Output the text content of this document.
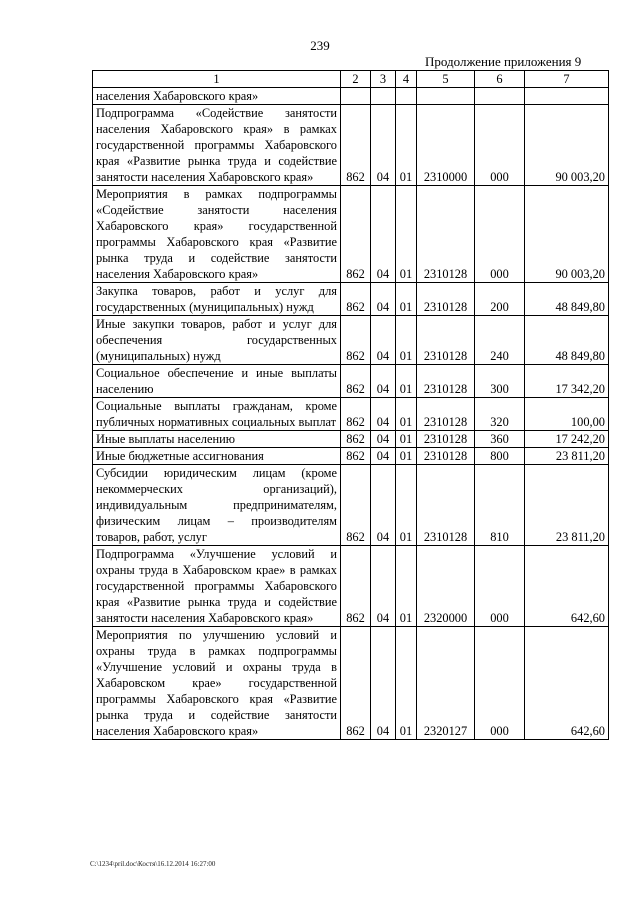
239
Продолжение приложения 9
1	2	3	4	5	6	7
населения Хабаровского края»						
Подпрограмма «Содействие занятости населения Хабаровского края» в рамках государственной программы Хабаровского края «Развитие рынка труда и содействие занятости населения Хабаровского края»	862	04	01	2310000	000	90 003,20
Мероприятия в рамках подпрограммы «Содействие занятости населения Хабаровского края» государственной программы Хабаровского края «Развитие рынка труда и содействие занятости населения Хабаровского края»	862	04	01	2310128	000	90 003,20
Закупка товаров, работ и услуг для государственных (муниципальных) нужд	862	04	01	2310128	200	48 849,80
Иные закупки товаров, работ и услуг для обеспечения государственных (муниципальных) нужд	862	04	01	2310128	240	48 849,80
Социальное обеспечение и иные выплаты населению	862	04	01	2310128	300	17 342,20
Социальные выплаты гражданам, кроме публичных нормативных социальных выплат	862	04	01	2310128	320	100,00
Иные выплаты населению	862	04	01	2310128	360	17 242,20
Иные бюджетные ассигнования	862	04	01	2310128	800	23 811,20
Субсидии юридическим лицам (кроме некоммерческих организаций), индивидуальным предпринимателям, физическим лицам – производителям товаров, работ, услуг	862	04	01	2310128	810	23 811,20
Подпрограмма «Улучшение условий и охраны труда в Хабаровском крае» в рамках государственной программы Хабаровского края «Развитие рынка труда и содействие занятости населения Хабаровского края»	862	04	01	2320000	000	642,60
Мероприятия по улучшению условий и охраны труда в рамках подпрограммы «Улучшение условий и охраны труда в Хабаровском крае» государственной программы Хабаровского края «Развитие рынка труда и содействие занятости населения Хабаровского края»	862	04	01	2320127	000	642,60
C:\1234\pril.doc\Костя\16.12.2014 16:27:00
